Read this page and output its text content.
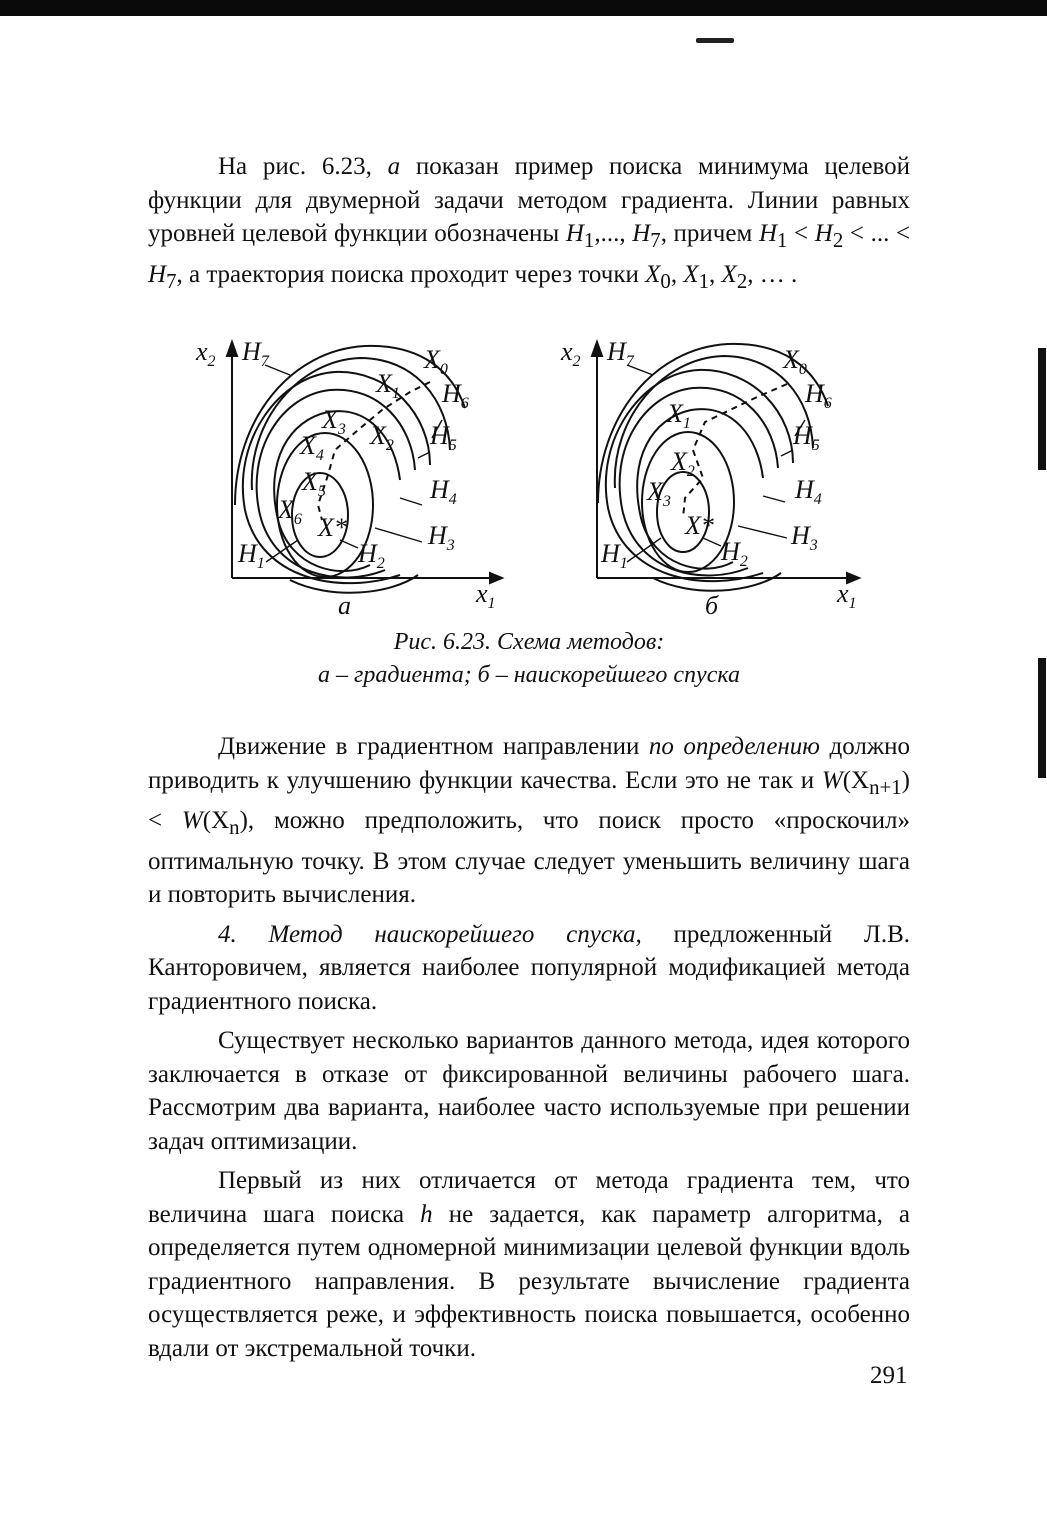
На рис. 6.23, а показан пример поиска минимума целевой функции для двумерной задачи методом градиента. Линии равных уровней целевой функции обозначены $H_1$,..., $H_7$, причем $H_1 < H_2$ < ... < $H_7$, а траектория поиска проходит через точки $X_0$, $X_1$, $X_2$, … .

$H_7$
$H_6$
$H_5$
$H_4$
$H_3$
$H_2$
$H_1$
$X_0$
$X_1$
$X_2$
$X_3$
$X_4$
$X_5$
$X_6$ X*
$x_2$
$x_1$
а
$H_7$
$H_6$
$H_5$
$H_4$
$H_3$
$H_2$
$H_1$
$X_0$
$X_1$
$X_2$
$X_3$
X*
$x_2$
$x_1$
б
Рис. 6.23. Схема методов:
а – градиента; б – наискорейшего спуска

Движение в градиентном направлении по определению должно приводить к улучшению функции качества. Если это не так и $W(X_{n+1}) < W(X_n)$, можно предположить, что поиск просто «проскочил» оптимальную точку. В этом случае следует уменьшить величину шага и повторить вычисления.

4. Метод наискорейшего спуска, предложенный Л.В. Канторовичем, является наиболее популярной модификацией метода градиентного поиска.

Существует несколько вариантов данного метода, идея которого заключается в отказе от фиксированной величины рабочего шага. Рассмотрим два варианта, наиболее часто используемые при решении задач оптимизации.

Первый из них отличается от метода градиента тем, что величина шага поиска h не задается, как параметр алгоритма, а определяется путем одномерной минимизации целевой функции вдоль градиентного направления. В результате вычисление градиента осуществляется реже, и эффективность поиска повышается, особенно вдали от экстремальной точки.

291
